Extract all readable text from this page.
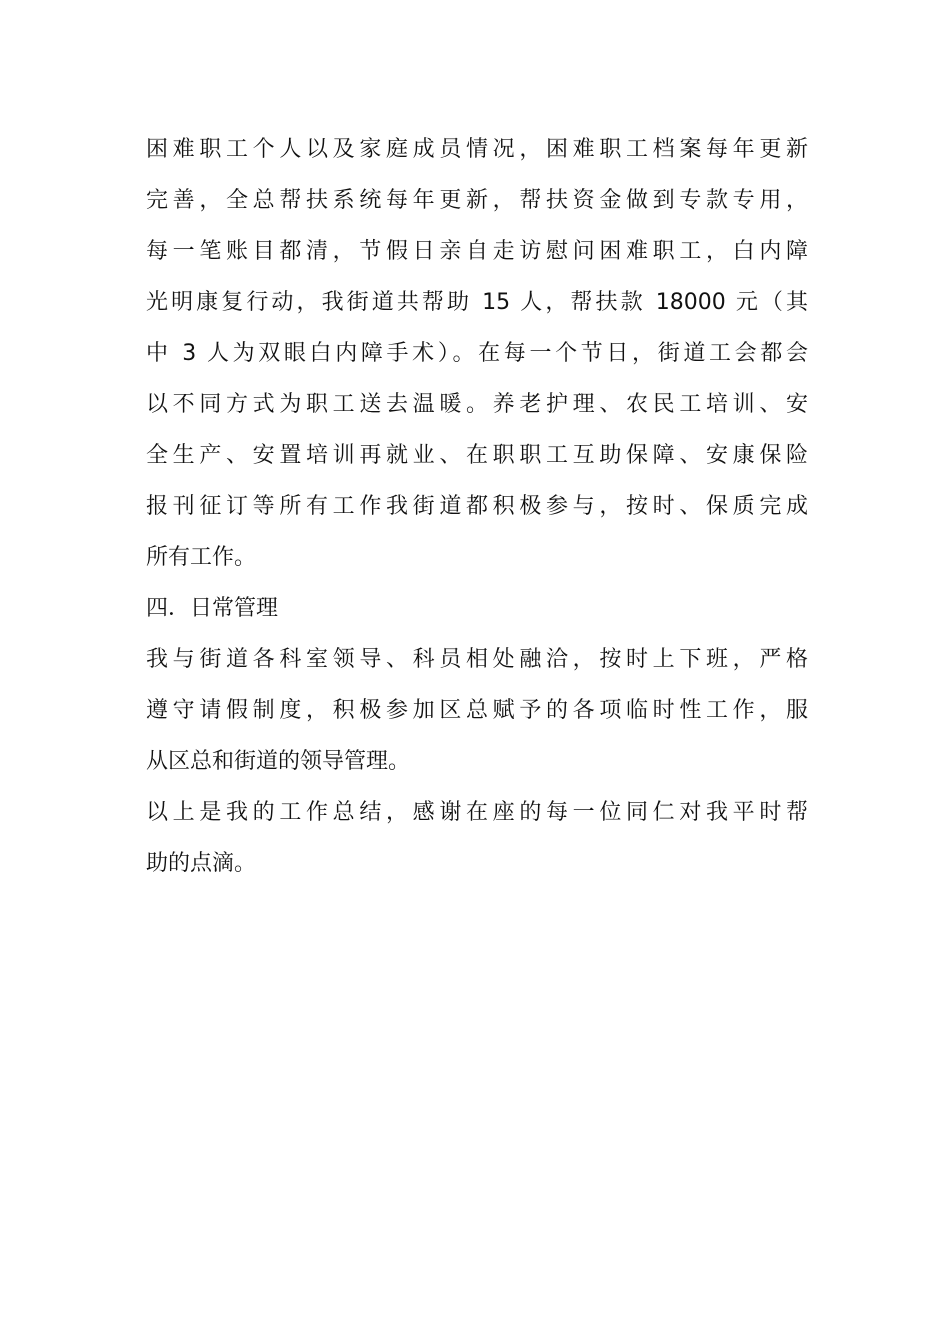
困难职工个人以及家庭成员情况，困难职工档案每年更新
完善，全总帮扶系统每年更新，帮扶资金做到专款专用，
每一笔账目都清，节假日亲自走访慰问困难职工，白内障
光明康复行动，我街道共帮助 15 人，帮扶款 18000 元（其
中 3 人为双眼白内障手术）。在每一个节日，街道工会都会
以不同方式为职工送去温暖。养老护理、农民工培训、安
全生产、安置培训再就业、在职职工互助保障、安康保险
报刊征订等所有工作我街道都积极参与，按时、保质完成
所有工作。
四．日常管理
我与街道各科室领导、科员相处融洽，按时上下班，严格
遵守请假制度，积极参加区总赋予的各项临时性工作，服
从区总和街道的领导管理。
以上是我的工作总结，感谢在座的每一位同仁对我平时帮
助的点滴。
